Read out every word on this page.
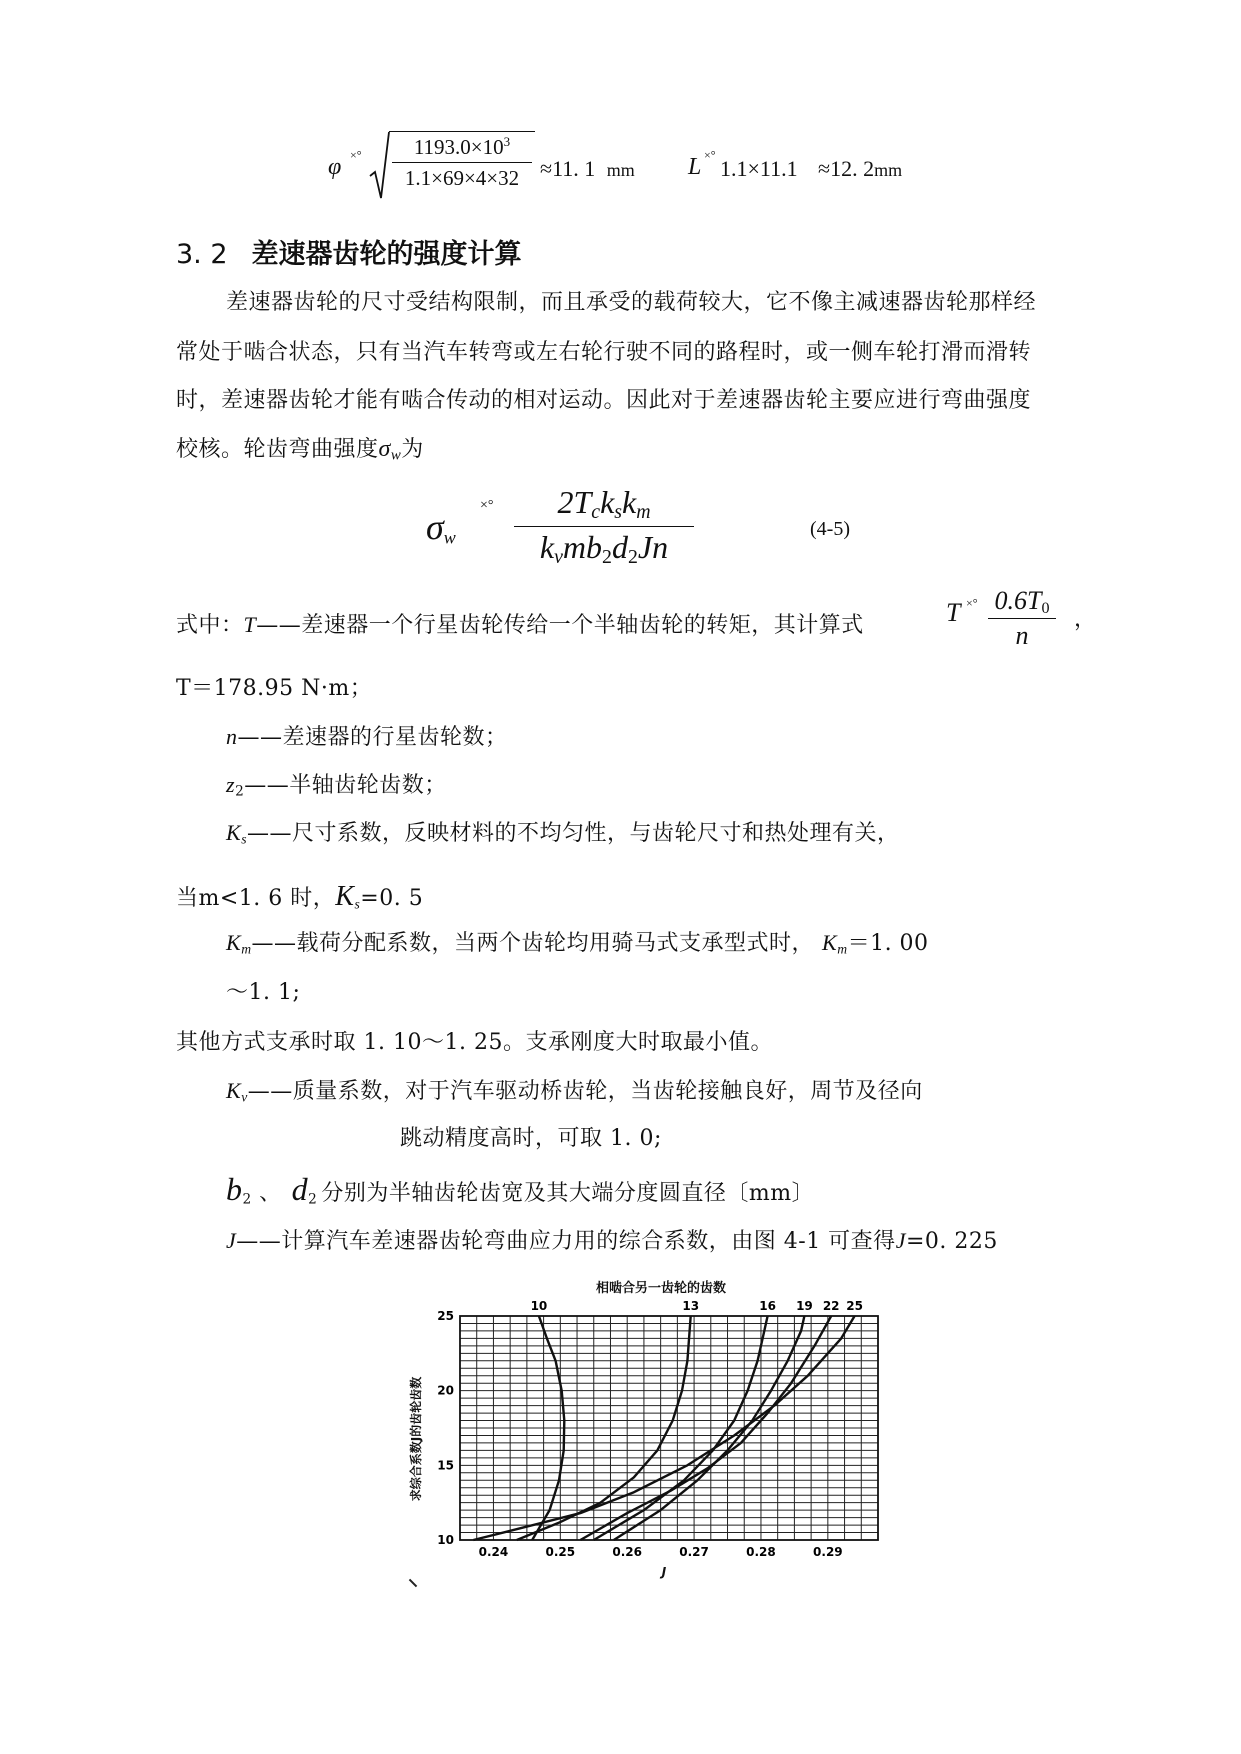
φ ×° $\frac{1193.0\times 10^3}{1.1\times 69\times 4\times 32} \approx 11$. 1 mm L ×°
1.1×11.1 ≈12. 2mm
3. 2 差速器齿轮的强度计算
差速器齿轮的尺寸受结构限制，而且承受的载荷较大，它不像主减速器齿轮那样经
常处于啮合状态，只有当汽车转弯或左右轮行驶不同的路程时，或一侧车轮打滑而滑转
时，差速器齿轮才能有啮合传动的相对运动。因此对于差速器齿轮主要应进行弯曲强度
校核。轮齿弯曲强度$\sigma_w$为
$\sigma_w$
×°	$2T_ck_sk_m$
$k_vmb_2d_2Jn$	(4-5)
式中：T——差速器一个行星齿轮传给一个半轴齿轮的转矩，其计算式	T ×° $\frac{0.6T_0}{n}$ ，
T＝178.95 N·m；
n——差速器的行星齿轮数；
$z_2——$半轴齿轮齿数；
$K_s——$尺寸系数，反映材料的不均匀性，与齿轮尺寸和热处理有关，
当m<1. 6 时，$K_s=0$. 5
$K_m——$载荷分配系数，当两个齿轮均用骑马式支承型式时， $K_m=1$. 00
～1. 1;
其他方式支承时取 1. 10～1. 25。支承刚度大时取最小值。
$K_v——$质量系数，对于汽车驱动桥齿轮，当齿轮接触良好，周节及径向
跳动精度高时，可取 1. 0;
$b_2$ 、 $d_2$ 分别为半轴齿轮齿宽及其大端分度圆直径〔mm〕
J——计算汽车差速器齿轮弯曲应力用的综合系数，由图 4-1 可查得J=0. 225
相啮合另一齿轮的齿数
0.24	0.25	0.26	0.27	0.28	0.29
10
15
20
25
10	13	16 19 22 25
J
求综合系数J的齿轮齿数
